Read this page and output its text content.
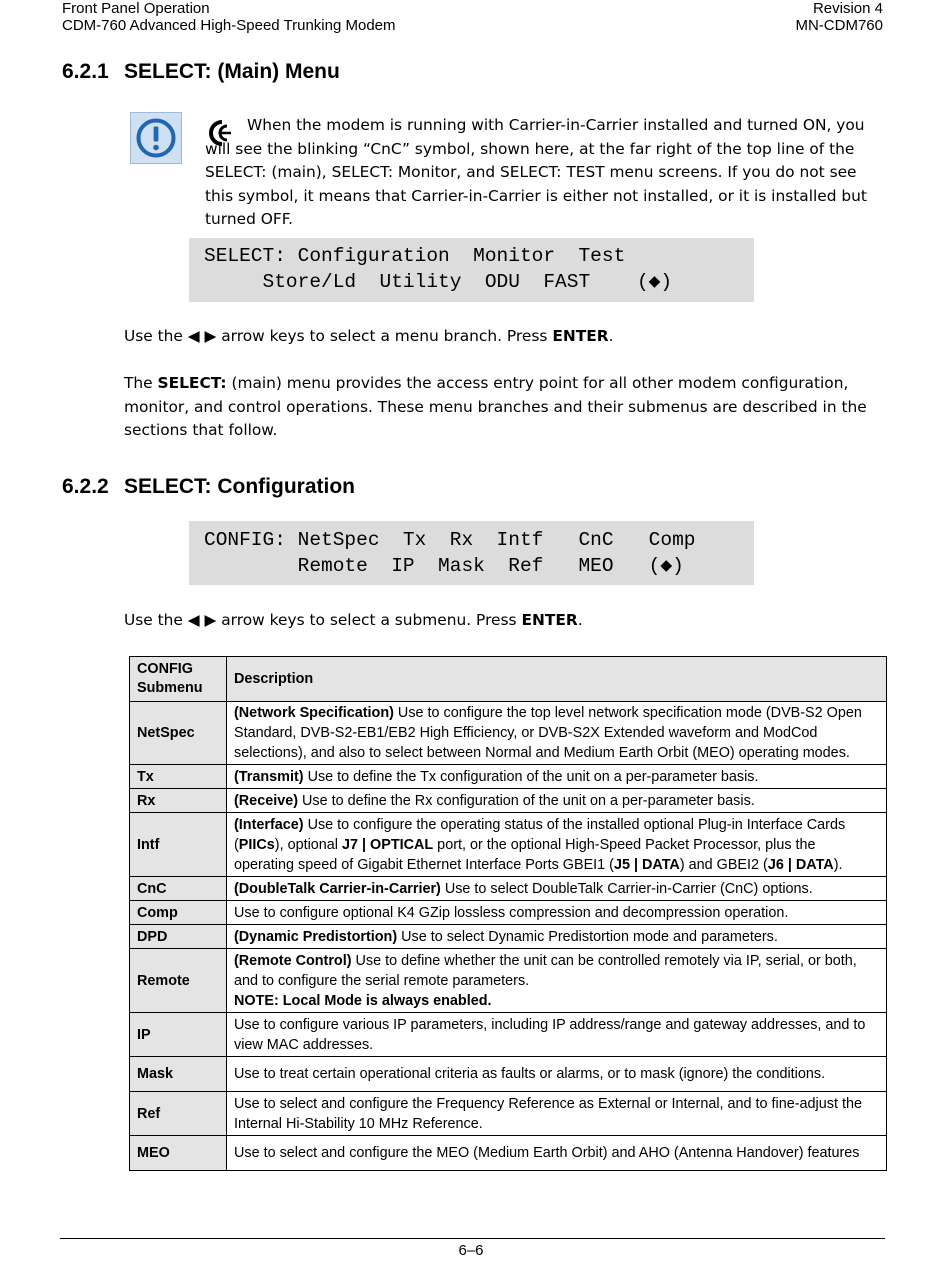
Front Panel Operation
CDM-760 Advanced High-Speed Trunking Modem
Revision 4
MN-CDM760
6.2.1 SELECT: (Main) Menu
When the modem is running with Carrier-in-Carrier installed and turned ON, you will see the blinking “CnC” symbol, shown here, at the far right of the top line of the SELECT: (main), SELECT: Monitor, and SELECT: TEST menu screens. If you do not see this symbol, it means that Carrier-in-Carrier is either not installed, or it is installed but turned OFF.

SELECT: Configuration  Monitor  Test

Store/Ld  Utility  ODU  FAST    (◆)

Use the ◀ ▶ arrow keys to select a menu branch. Press ENTER.
The SELECT: (main) menu provides the access entry point for all other modem configuration, monitor, and control operations. These menu branches and their submenus are described in the sections that follow.
6.2.2 SELECT: Configuration

CONFIG: NetSpec  Tx  Rx  Intf   CnC   Comp

Remote  IP  Mask  Ref   MEO   (◆)

Use the ◀ ▶ arrow keys to select a submenu. Press ENTER.
CONFIG Submenu	Description
NetSpec	(Network Specification) Use to configure the top level network specification mode (DVB-S2 Open Standard, DVB-S2-EB1/EB2 High Efficiency, or DVB-S2X Extended waveform and ModCod selections), and also to select between Normal and Medium Earth Orbit (MEO) operating modes.
Tx	(Transmit) Use to define the Tx configuration of the unit on a per-parameter basis.
Rx	(Receive) Use to define the Rx configuration of the unit on a per-parameter basis.
Intf	(Interface) Use to configure the operating status of the installed optional Plug-in Interface Cards (PIICs), optional J7 | OPTICAL port, or the optional High-Speed Packet Processor, plus the operating speed of Gigabit Ethernet Interface Ports GBEI1 (J5 | DATA) and GBEI2 (J6 | DATA).
CnC	(DoubleTalk Carrier-in-Carrier) Use to select DoubleTalk Carrier-in-Carrier (CnC) options.
Comp	Use to configure optional K4 GZip lossless compression and decompression operation.
DPD	(Dynamic Predistortion) Use to select Dynamic Predistortion mode and parameters.
Remote	(Remote Control) Use to define whether the unit can be controlled remotely via IP, serial, or both, and to configure the serial remote parameters.
NOTE: Local Mode is always enabled.
IP	Use to configure various IP parameters, including IP address/range and gateway addresses, and to view MAC addresses.
Mask	Use to treat certain operational criteria as faults or alarms, or to mask (ignore) the conditions.
Ref	Use to select and configure the Frequency Reference as External or Internal, and to fine-adjust the Internal Hi-Stability 10 MHz Reference.
MEO	Use to select and configure the MEO (Medium Earth Orbit) and AHO (Antenna Handover) features
6–6
